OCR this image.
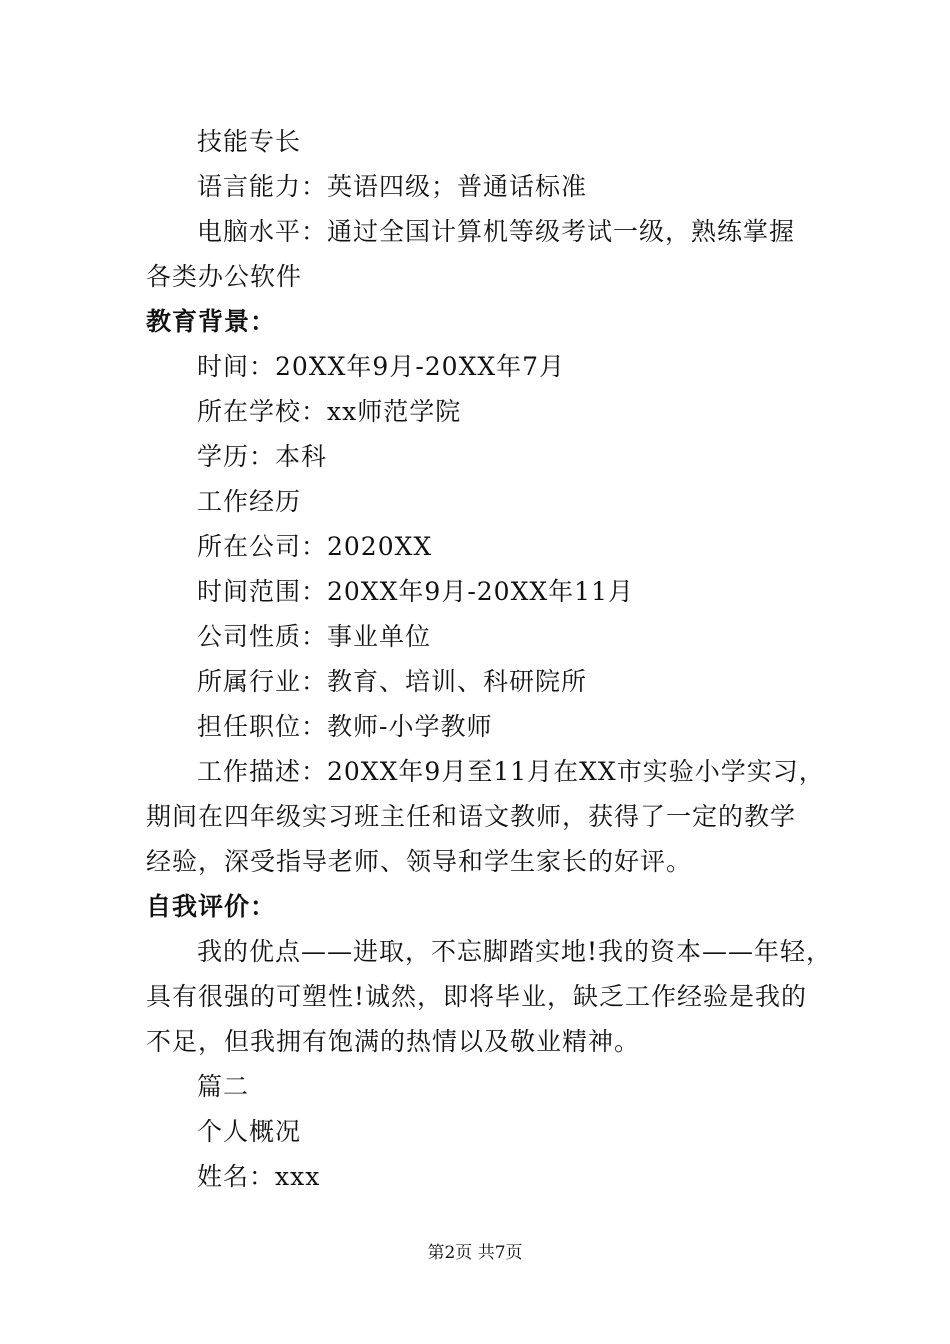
技能专长
语言能力：英语四级；普通话标准
电脑水平：通过全国计算机等级考试一级，熟练掌握
各类办公软件
教育背景：
时间：20XX年9月-20XX年7月
所在学校：xx师范学院
学历：本科
工作经历
所在公司：2020XX
时间范围：20XX年9月-20XX年11月
公司性质：事业单位
所属行业：教育、培训、科研院所
担任职位：教师-小学教师
工作描述：20XX年9月至11月在XX市实验小学实习，
期间在四年级实习班主任和语文教师，获得了一定的教学
经验，深受指导老师、领导和学生家长的好评。
自我评价：
我的优点——进取，不忘脚踏实地!我的资本——年轻，
具有很强的可塑性!诚然，即将毕业，缺乏工作经验是我的
不足，但我拥有饱满的热情以及敬业精神。
篇二
个人概况
姓名：xxx
第2页 共7页
